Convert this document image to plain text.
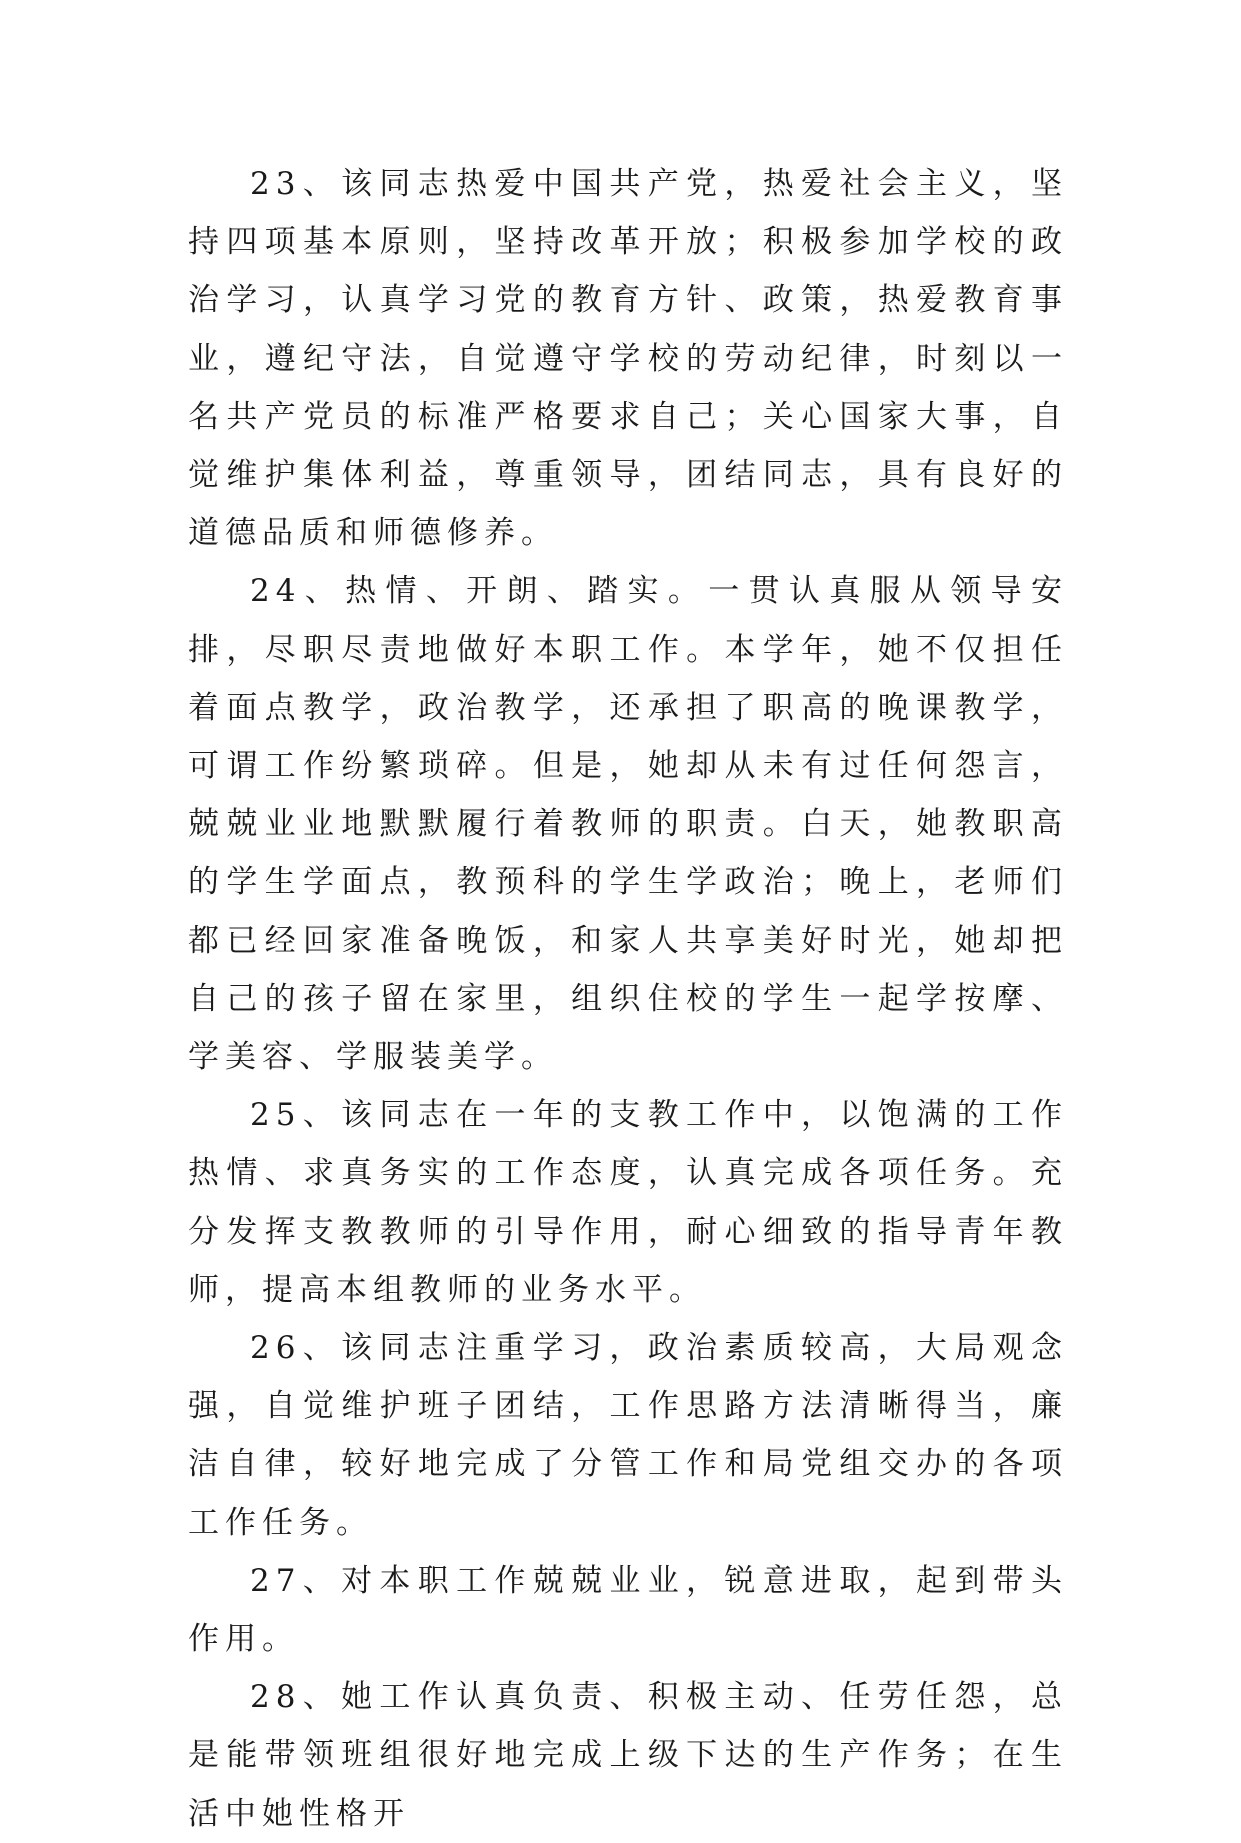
23、该同志热爱中国共产党，热爱社会主义，坚持四项基本原则，坚持改革开放；积极参加学校的政治学习，认真学习党的教育方针、政策，热爱教育事业，遵纪守法，自觉遵守学校的劳动纪律，时刻以一名共产党员的标准严格要求自己；关心国家大事，自觉维护集体利益，尊重领导，团结同志，具有良好的道德品质和师德修养。

24、热情、开朗、踏实。一贯认真服从领导安排，尽职尽责地做好本职工作。本学年，她不仅担任着面点教学，政治教学，还承担了职高的晚课教学，可谓工作纷繁琐碎。但是，她却从未有过任何怨言，兢兢业业地默默履行着教师的职责。白天，她教职高的学生学面点，教预科的学生学政治；晚上，老师们都已经回家准备晚饭，和家人共享美好时光，她却把自己的孩子留在家里，组织住校的学生一起学按摩、学美容、学服装美学。

25、该同志在一年的支教工作中，以饱满的工作热情、求真务实的工作态度，认真完成各项任务。充分发挥支教教师的引导作用，耐心细致的指导青年教师，提高本组教师的业务水平。

26、该同志注重学习，政治素质较高，大局观念强，自觉维护班子团结，工作思路方法清晰得当，廉洁自律，较好地完成了分管工作和局党组交办的各项工作任务。

27、对本职工作兢兢业业，锐意进取，起到带头作用。

28、她工作认真负责、积极主动、任劳任怨，总是能带领班组很好地完成上级下达的生产作务；在生活中她性格开
